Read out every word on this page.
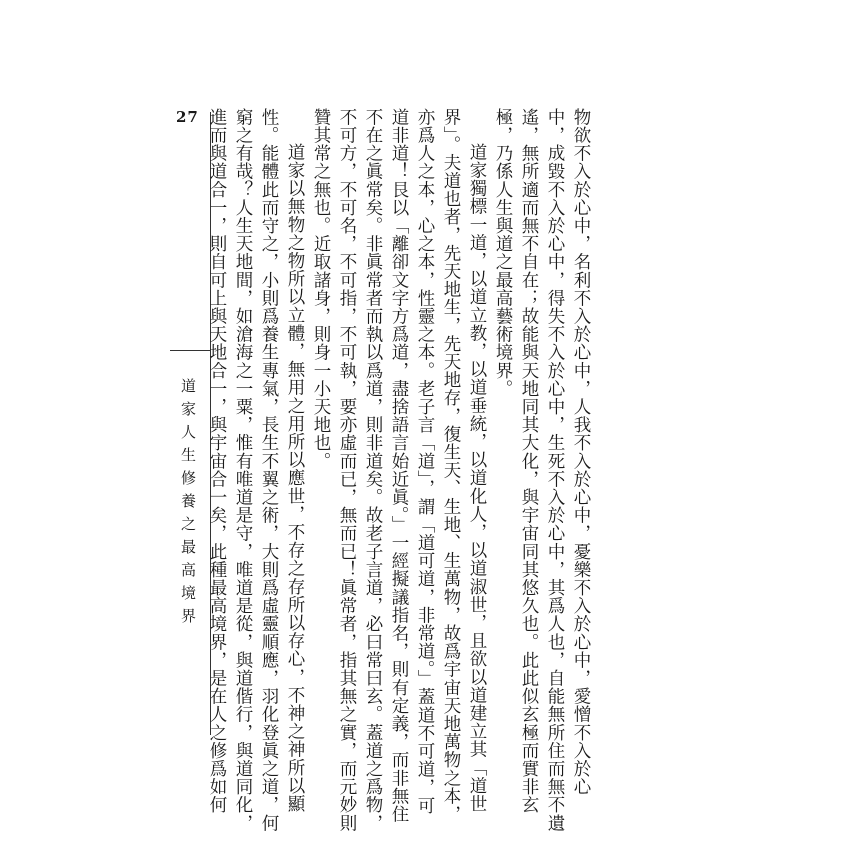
27
道家人生修養之最高境界	物欲不入於心中，名利不入於心中，人我不入於心中，憂樂不入於心中，愛憎不入於心
中，成毀不入於心中，得失不入於心中，生死不入於心中，其爲人也，自能無所住而無不遺
遙，無所適而無不自在；故能與天地同其大化，與宇宙同其悠久也。此此似玄極而實非玄
極，乃係人生與道之最高藝術境界。
道家獨標一道，以道立教，以道垂統，以道化人，以道淑世，且欲以道建立其「道世
界」。夫道也者，先天地生，先天地存，復生天、生地、生萬物，故爲宇宙天地萬物之本，
亦爲人之本，心之本，性靈之本。老子言「道」，謂「道可道，非常道。」蓋道不可道，可
道非道！艮以「離卻文字方爲道，盡捨語言始近眞。」一經擬議指名，則有定義，而非無住
不在之眞常矣。非眞常者而執以爲道，則非道矣。故老子言道，必曰常曰玄。蓋道之爲物，
不可方，不可名，不可指，不可執，要亦虛而已，無而已！眞常者，指其無之實，而元妙則
贊其常之無也。近取諸身，則身一小天地也。
道家以無物之物所以立體，無用之用所以應世，不存之存所以存心，不神之神所以顯
性。能體此而守之，小則爲養生專氣，長生不翼之術，大則爲虛靈順應，羽化登眞之道，何
窮之有哉？人生天地間，如滄海之一粟，惟有唯道是守，唯道是從，與道偕行，與道同化，
進而與道合一，則自可上與天地合一，與宇宙合一矣，此種最高境界，是在人之修爲如何
